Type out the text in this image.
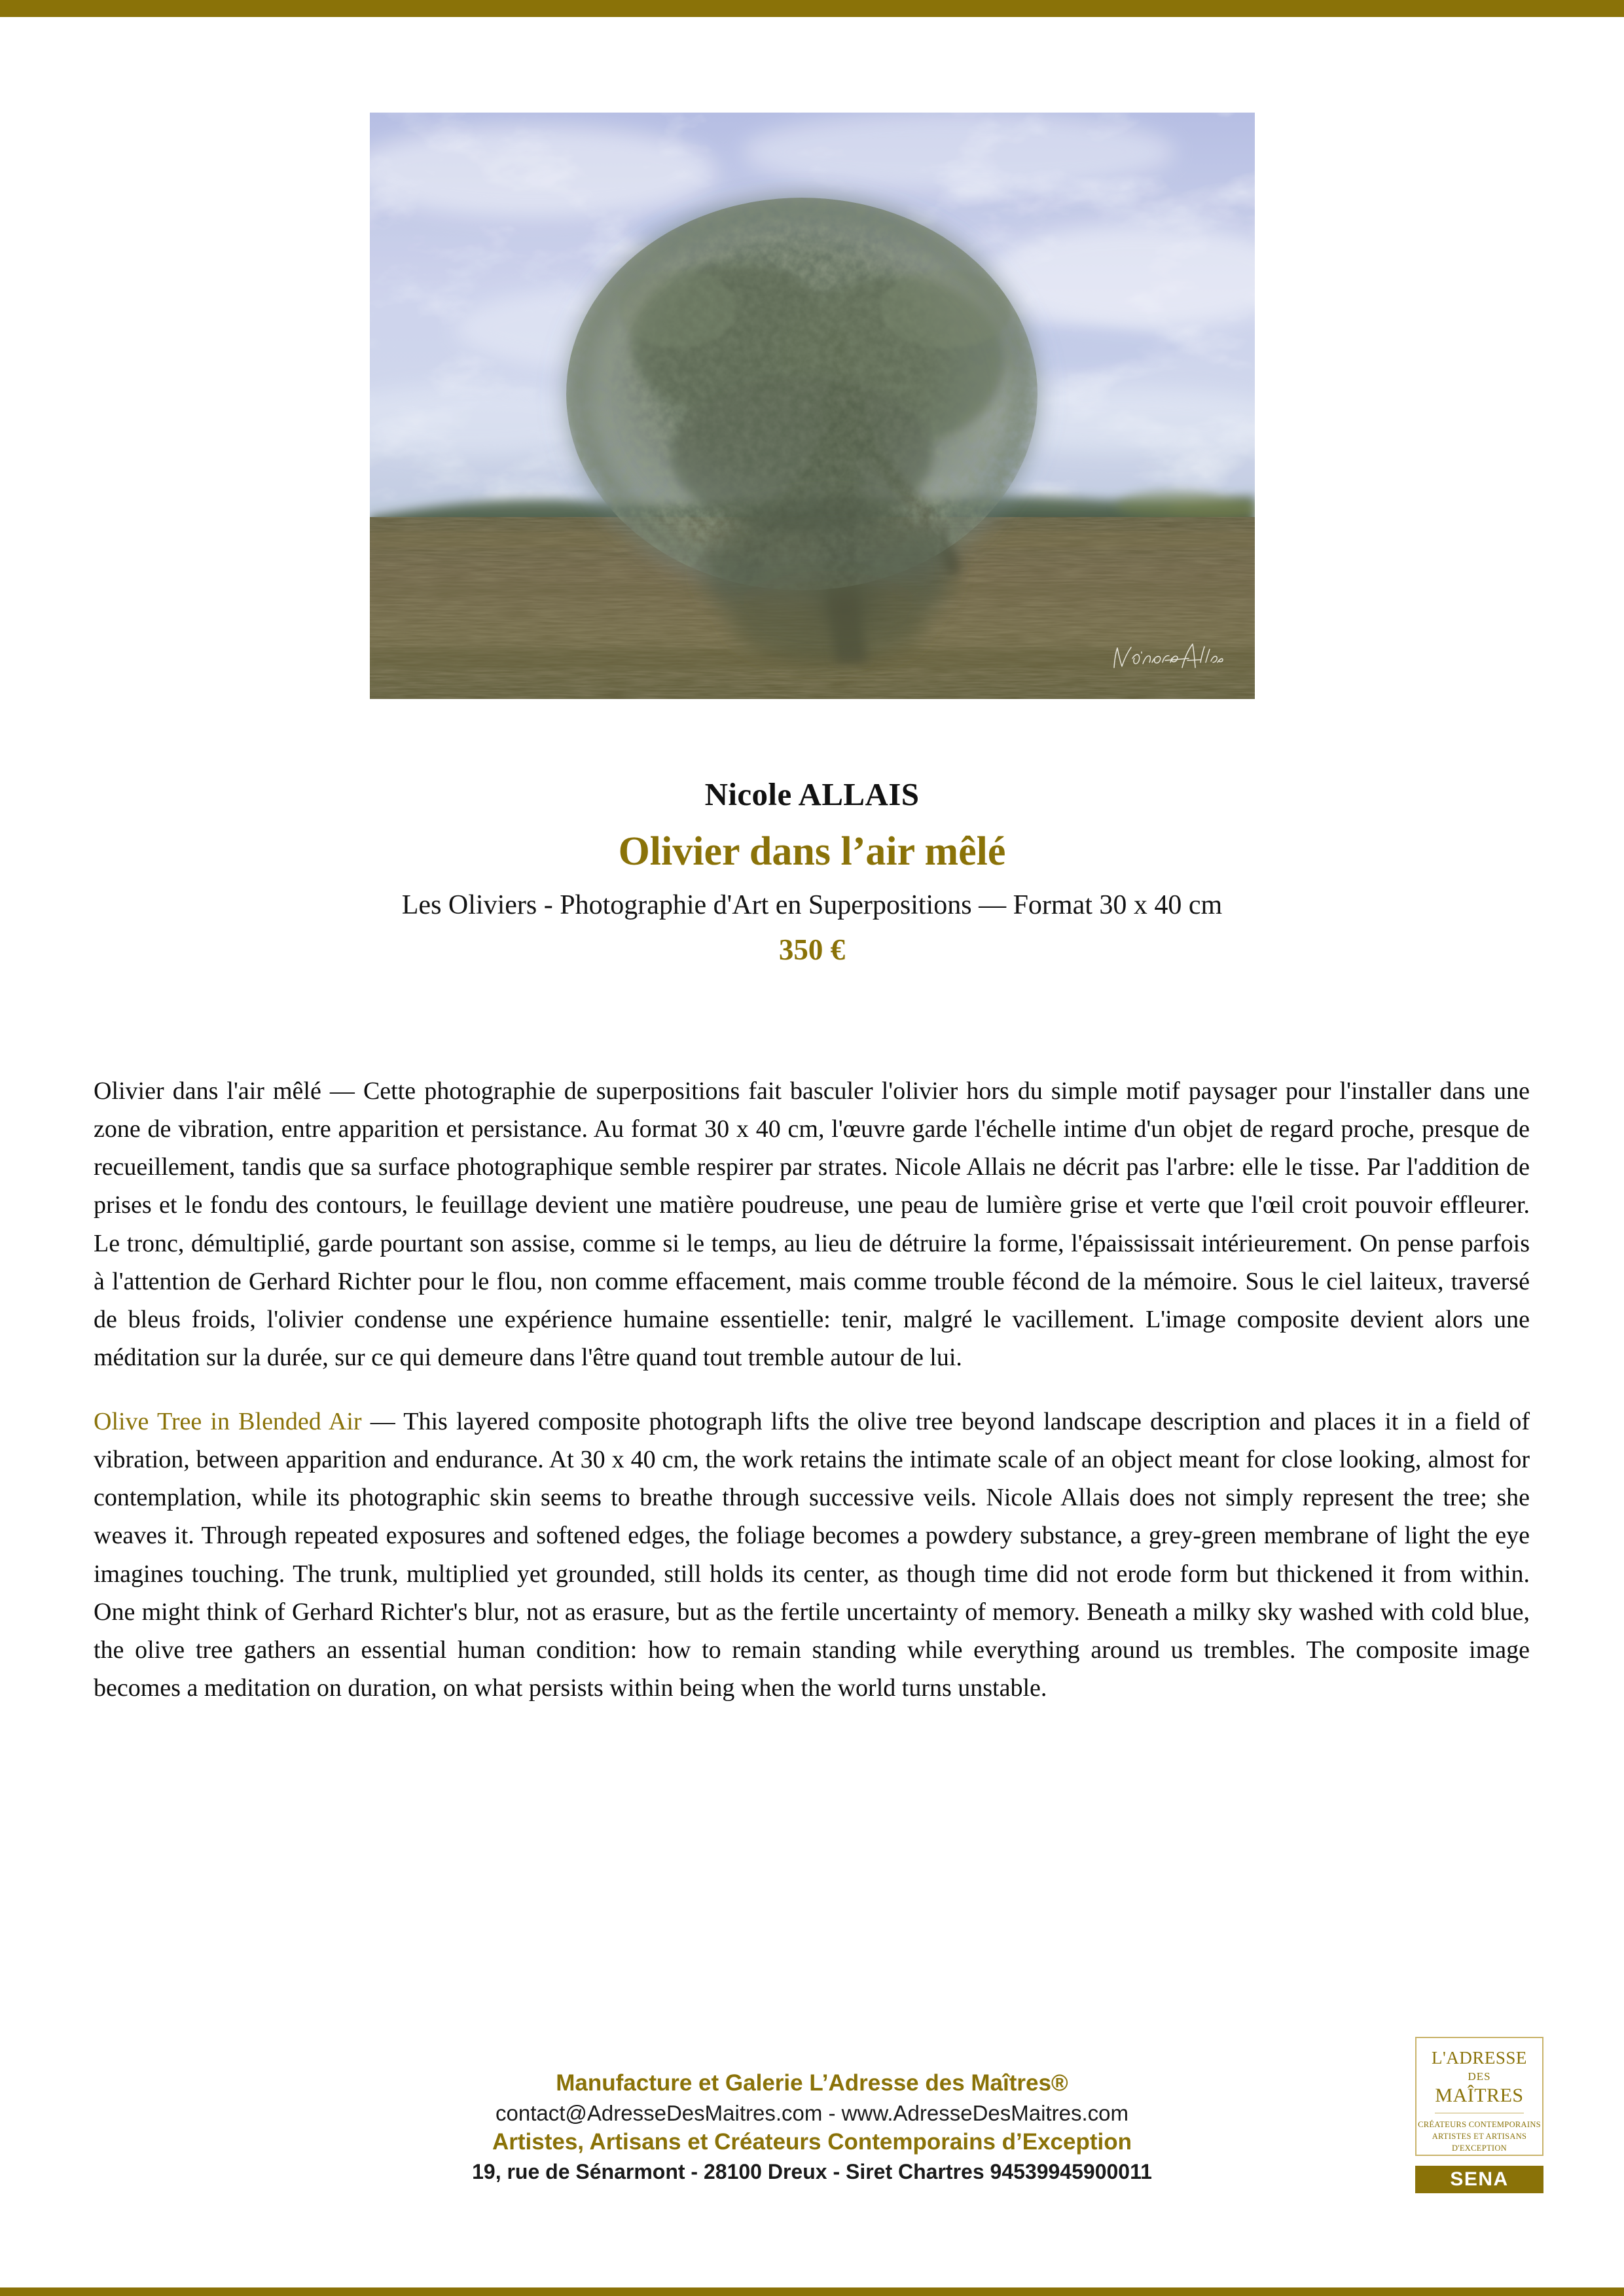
Nicole ALLAIS
Olivier dans l’air mêlé
Les Oliviers - Photographie d'Art en Superpositions — Format 30 x 40 cm
350 €

Olivier dans l'air mêlé — Cette photographie de superpositions fait basculer l'olivier hors du simple motif paysager pour l'installer dans une zone de vibration, entre apparition et persistance. Au format 30 x 40 cm, l'œuvre garde l'échelle intime d'un objet de regard proche, presque de recueillement, tandis que sa surface photographique semble respirer par strates. Nicole Allais ne décrit pas l'arbre: elle le tisse. Par l'addition de prises et le fondu des contours, le feuillage devient une matière poudreuse, une peau de lumière grise et verte que l'œil croit pouvoir effleurer. Le tronc, démultiplié, garde pourtant son assise, comme si le temps, au lieu de détruire la forme, l'épaississait intérieurement. On pense parfois à l'attention de Gerhard Richter pour le flou, non comme effacement, mais comme trouble fécond de la mémoire. Sous le ciel laiteux, traversé de bleus froids, l'olivier condense une expérience humaine essentielle: tenir, malgré le vacillement. L'image composite devient alors une méditation sur la durée, sur ce qui demeure dans l'être quand tout tremble autour de lui.

Olive Tree in Blended Air — This layered composite photograph lifts the olive tree beyond landscape description and places it in a field of vibration, between apparition and endurance. At 30 x 40 cm, the work retains the intimate scale of an object meant for close looking, almost for contemplation, while its photographic skin seems to breathe through successive veils. Nicole Allais does not simply represent the tree; she weaves it. Through repeated exposures and softened edges, the foliage becomes a powdery substance, a grey-green membrane of light the eye imagines touching. The trunk, multiplied yet grounded, still holds its center, as though time did not erode form but thickened it from within. One might think of Gerhard Richter's blur, not as erasure, but as the fertile uncertainty of memory. Beneath a milky sky washed with cold blue, the olive tree gathers an essential human condition: how to remain standing while everything around us trembles. The composite image becomes a meditation on duration, on what persists within being when the world turns unstable.

Manufacture et Galerie L’Adresse des Maîtres®
contact@AdresseDesMaitres.com - www.AdresseDesMaitres.com
Artistes, Artisans et Créateurs Contemporains d’Exception
19, rue de Sénarmont - 28100 Dreux - Siret Chartres 94539945900011
L'ADRESSE
DES
MAÎTRES
CRÉATEURS CONTEMPORAINS
ARTISTES ET ARTISANS
D'EXCEPTION
SENA
